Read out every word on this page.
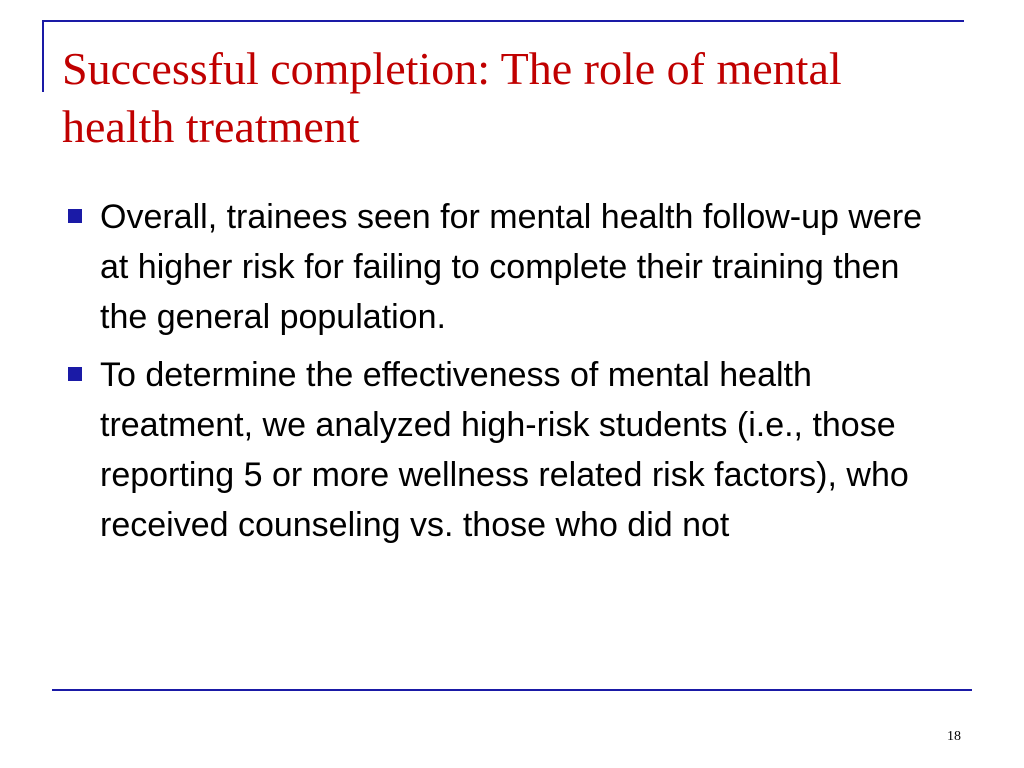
Successful completion: The role of mental health treatment
Overall, trainees seen for mental health follow-up were at higher risk for failing to complete their training then the general population.
To determine the effectiveness of mental health treatment, we analyzed high-risk students (i.e., those reporting 5 or more wellness related risk factors), who received counseling vs. those who did not
18
